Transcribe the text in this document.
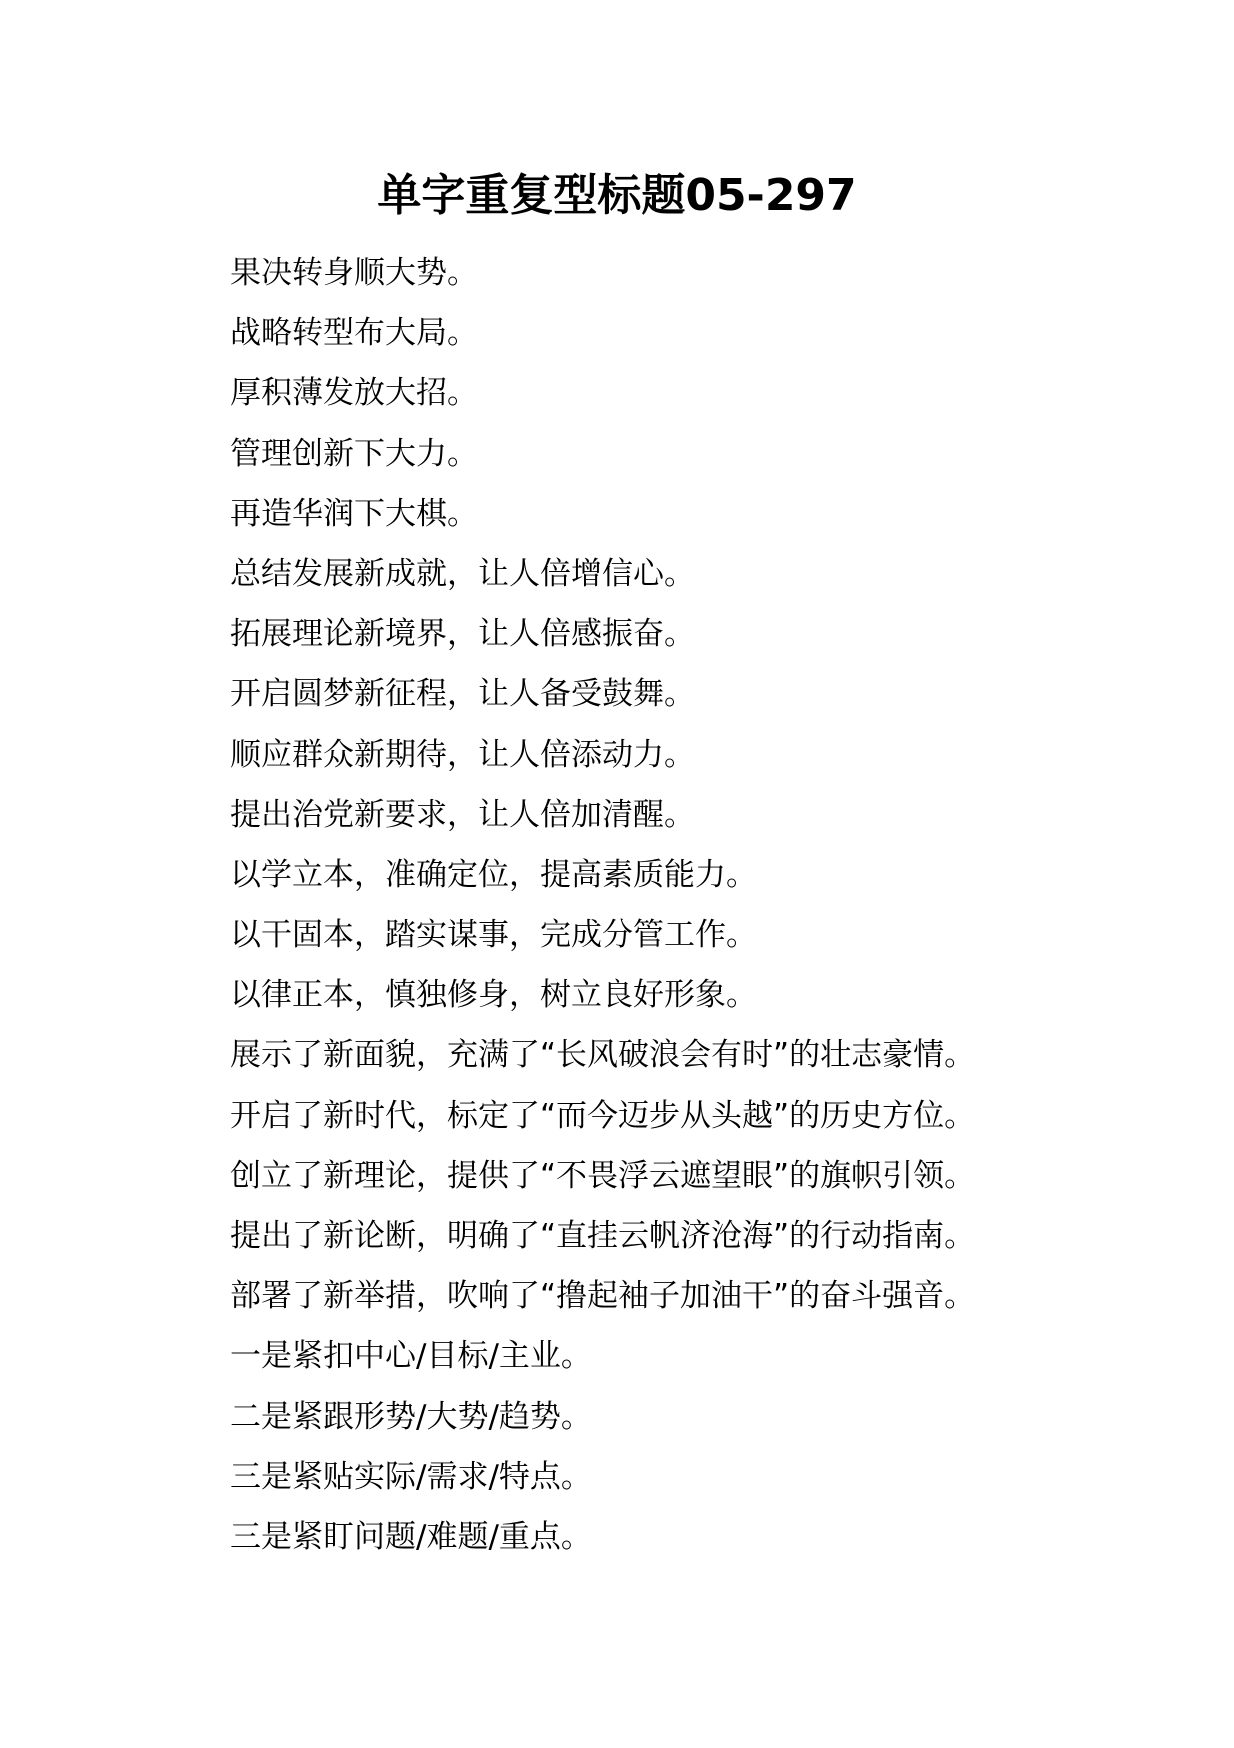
单字重复型标题05-297
果决转身顺大势。
战略转型布大局。
厚积薄发放大招。
管理创新下大力。
再造华润下大棋。
总结发展新成就，让人倍增信心。
拓展理论新境界，让人倍感振奋。
开启圆梦新征程，让人备受鼓舞。
顺应群众新期待，让人倍添动力。
提出治党新要求，让人倍加清醒。
以学立本，准确定位，提高素质能力。
以干固本，踏实谋事，完成分管工作。
以律正本，慎独修身，树立良好形象。
展示了新面貌，充满了“长风破浪会有时”的壮志豪情。
开启了新时代，标定了“而今迈步从头越”的历史方位。
创立了新理论，提供了“不畏浮云遮望眼”的旗帜引领。
提出了新论断，明确了“直挂云帆济沧海”的行动指南。
部署了新举措，吹响了“撸起袖子加油干”的奋斗强音。
一是紧扣中心/目标/主业。
二是紧跟形势/大势/趋势。
三是紧贴实际/需求/特点。
三是紧盯问题/难题/重点。
